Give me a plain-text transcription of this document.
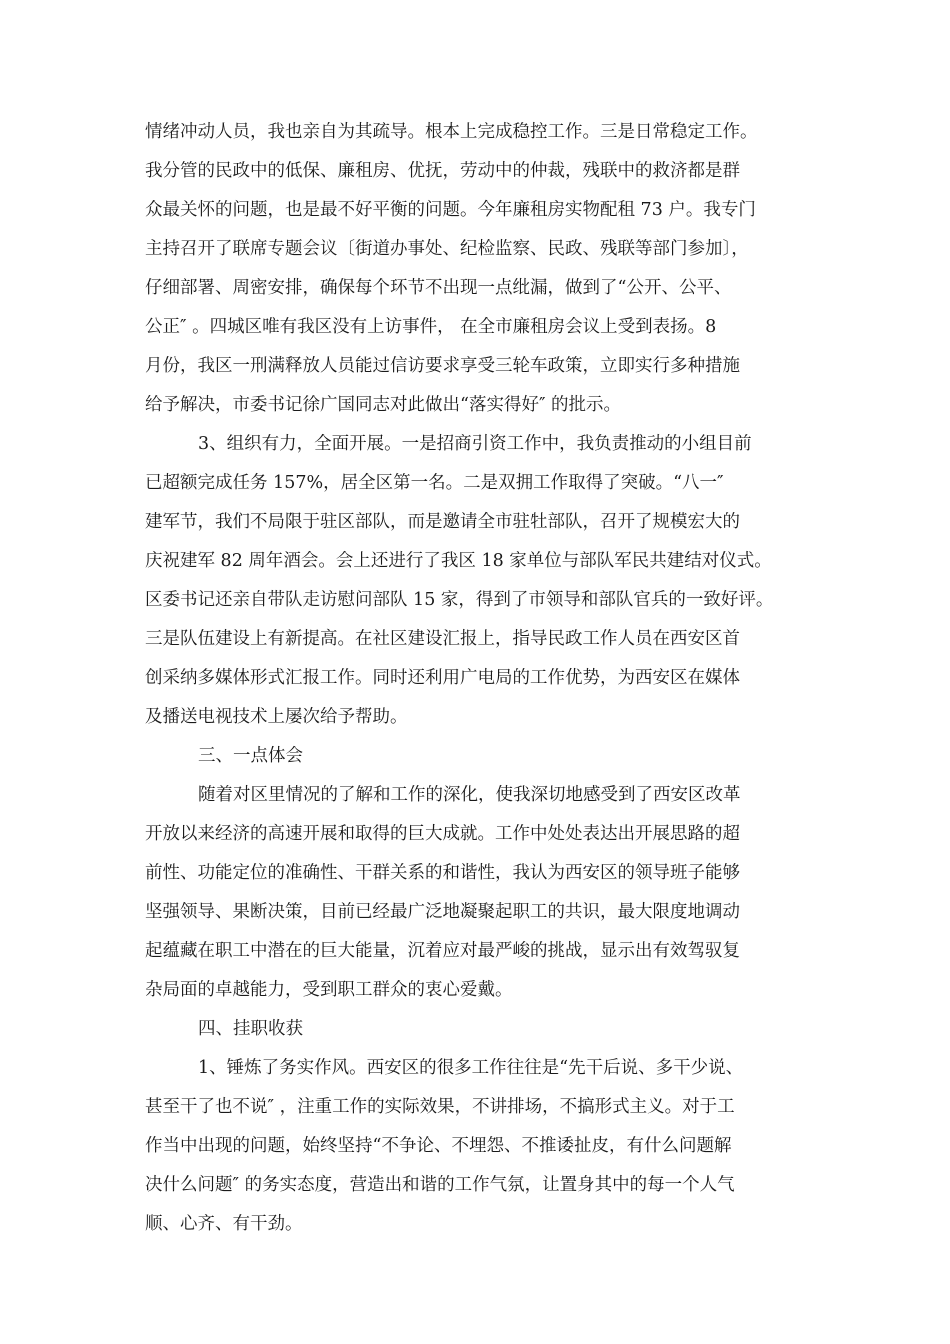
情绪冲动人员，我也亲自为其疏导。根本上完成稳控工作。三是日常稳定工作。

我分管的民政中的低保、廉租房、优抚，劳动中的仲裁，残联中的救济都是群

众最关怀的问题，也是最不好平衡的问题。今年廉租房实物配租 73 户。我专门

主持召开了联席专题会议〔街道办事处、纪检监察、民政、残联等部门参加〕，

仔细部署、周密安排，确保每个环节不出现一点纰漏，做到了“公开、公平、

公正″ 。四城区唯有我区没有上访事件， 在全市廉租房会议上受到表扬。8

月份，我区一刑满释放人员能过信访要求享受三轮车政策，立即实行多种措施

给予解决，市委书记徐广国同志对此做出“落实得好″ 的批示。

3、组织有力，全面开展。一是招商引资工作中，我负责推动的小组目前

已超额完成任务 157%，居全区第一名。二是双拥工作取得了突破。“八一″

建军节，我们不局限于驻区部队，而是邀请全市驻牡部队，召开了规模宏大的

庆祝建军 82 周年酒会。会上还进行了我区 18 家单位与部队军民共建结对仪式。

区委书记还亲自带队走访慰问部队 15 家，得到了市领导和部队官兵的一致好评。

三是队伍建设上有新提高。在社区建设汇报上，指导民政工作人员在西安区首

创采纳多媒体形式汇报工作。同时还利用广电局的工作优势，为西安区在媒体

及播送电视技术上屡次给予帮助。

三、一点体会

随着对区里情况的了解和工作的深化，使我深切地感受到了西安区改革

开放以来经济的高速开展和取得的巨大成就。工作中处处表达出开展思路的超

前性、功能定位的准确性、干群关系的和谐性，我认为西安区的领导班子能够

坚强领导、果断决策，目前已经最广泛地凝聚起职工的共识，最大限度地调动

起蕴藏在职工中潜在的巨大能量，沉着应对最严峻的挑战，显示出有效驾驭复

杂局面的卓越能力，受到职工群众的衷心爱戴。

四、挂职收获

1、锤炼了务实作风。西安区的很多工作往往是“先干后说、多干少说、

甚至干了也不说″ ，注重工作的实际效果，不讲排场，不搞形式主义。对于工

作当中出现的问题，始终坚持“不争论、不埋怨、不推诿扯皮，有什么问题解

决什么问题″ 的务实态度，营造出和谐的工作气氛，让置身其中的每一个人气

顺、心齐、有干劲。
